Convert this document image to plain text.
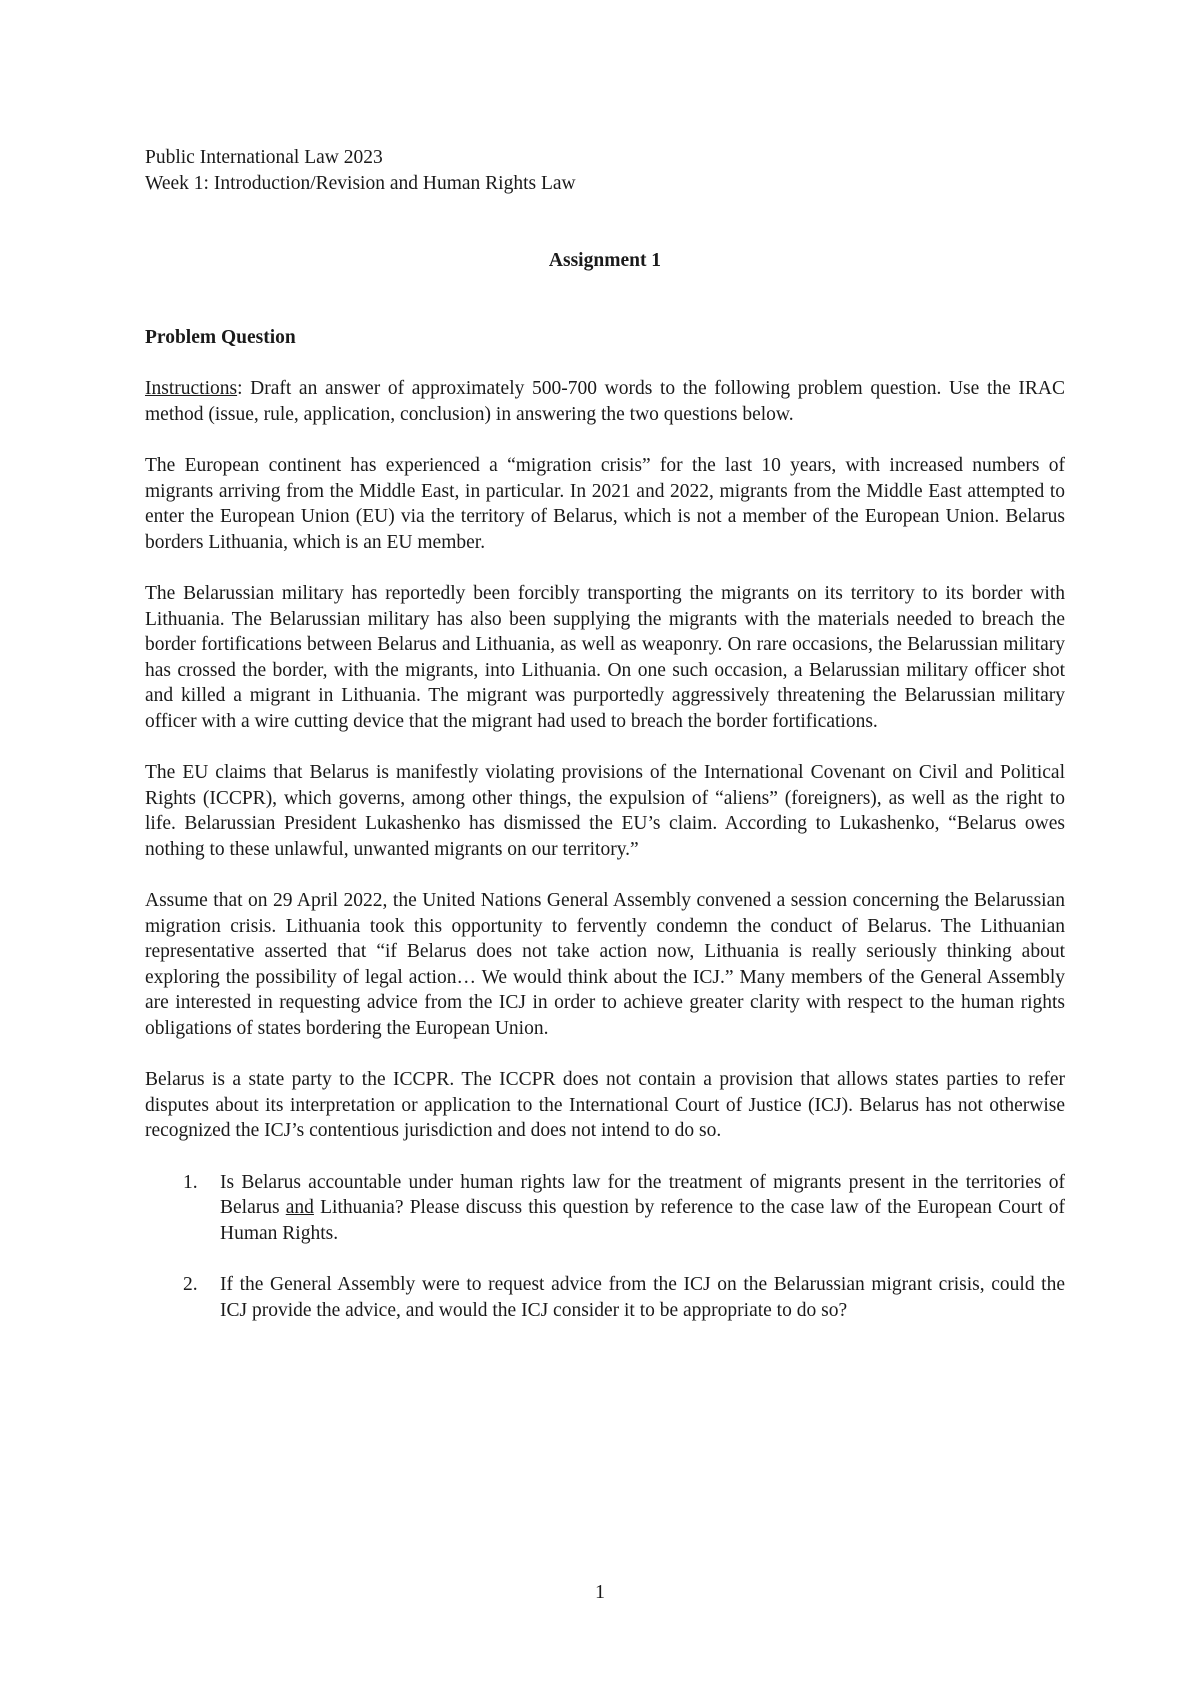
Public International Law 2023
Week 1: Introduction/Revision and Human Rights Law
Assignment 1
Problem Question

Instructions: Draft an answer of approximately 500-700 words to the following problem question. Use the IRAC method (issue, rule, application, conclusion) in answering the two questions below.

The European continent has experienced a “migration crisis” for the last 10 years, with increased numbers of migrants arriving from the Middle East, in particular. In 2021 and 2022, migrants from the Middle East attempted to enter the European Union (EU) via the territory of Belarus, which is not a member of the European Union. Belarus borders Lithuania, which is an EU member.

The Belarussian military has reportedly been forcibly transporting the migrants on its territory to its border with Lithuania. The Belarussian military has also been supplying the migrants with the materials needed to breach the border fortifications between Belarus and Lithuania, as well as weaponry. On rare occasions, the Belarussian military has crossed the border, with the migrants, into Lithuania. On one such occasion, a Belarussian military officer shot and killed a migrant in Lithuania. The migrant was purportedly aggressively threatening the Belarussian military officer with a wire cutting device that the migrant had used to breach the border fortifications.

The EU claims that Belarus is manifestly violating provisions of the International Covenant on Civil and Political Rights (ICCPR), which governs, among other things, the expulsion of “aliens” (foreigners), as well as the right to life. Belarussian President Lukashenko has dismissed the EU’s claim. According to Lukashenko, “Belarus owes nothing to these unlawful, unwanted migrants on our territory.”

Assume that on 29 April 2022, the United Nations General Assembly convened a session concerning the Belarussian migration crisis. Lithuania took this opportunity to fervently condemn the conduct of Belarus. The Lithuanian representative asserted that “if Belarus does not take action now, Lithuania is really seriously thinking about exploring the possibility of legal action… We would think about the ICJ.” Many members of the General Assembly are interested in requesting advice from the ICJ in order to achieve greater clarity with respect to the human rights obligations of states bordering the European Union.

Belarus is a state party to the ICCPR. The ICCPR does not contain a provision that allows states parties to refer disputes about its interpretation or application to the International Court of Justice (ICJ). Belarus has not otherwise recognized the ICJ’s contentious jurisdiction and does not intend to do so.

1. Is Belarus accountable under human rights law for the treatment of migrants present in the territories of Belarus and Lithuania? Please discuss this question by reference to the case law of the European Court of Human Rights.
2. If the General Assembly were to request advice from the ICJ on the Belarussian migrant crisis, could the ICJ provide the advice, and would the ICJ consider it to be appropriate to do so?
1
